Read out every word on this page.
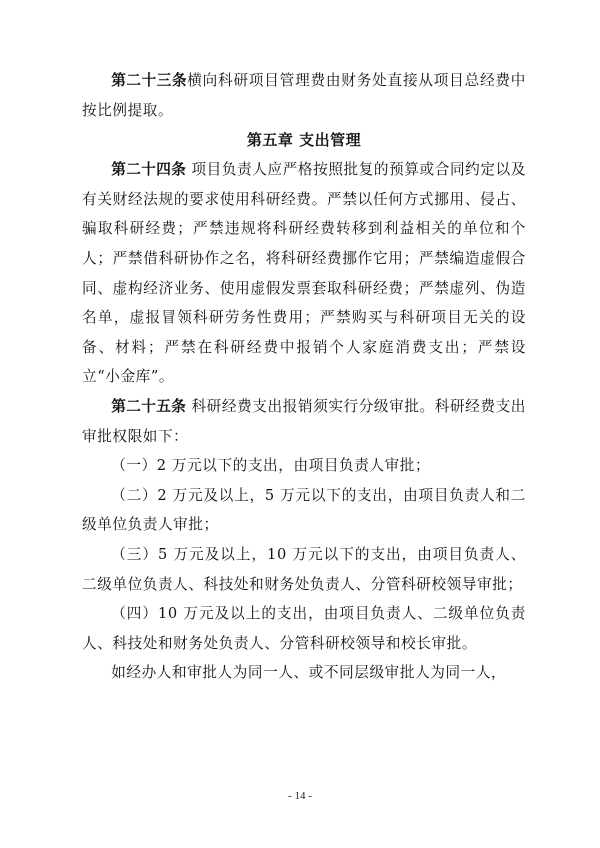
第二十三条横向科研项目管理费由财务处直接从项目总经费中按比例提取。

第五章 支出管理

第二十四条 项目负责人应严格按照批复的预算或合同约定以及有关财经法规的要求使用科研经费。严禁以任何方式挪用、侵占、骗取科研经费；严禁违规将科研经费转移到利益相关的单位和个人；严禁借科研协作之名，将科研经费挪作它用；严禁编造虚假合同、虚构经济业务、使用虚假发票套取科研经费；严禁虚列、伪造名单，虚报冒领科研劳务性费用；严禁购买与科研项目无关的设备、材料；严禁在科研经费中报销个人家庭消费支出；严禁设立“小金库”。

第二十五条 科研经费支出报销须实行分级审批。科研经费支出审批权限如下：

（一）2 万元以下的支出，由项目负责人审批；

（二）2 万元及以上，5 万元以下的支出，由项目负责人和二级单位负责人审批；

（三）5 万元及以上，10 万元以下的支出，由项目负责人、二级单位负责人、科技处和财务处负责人、分管科研校领导审批；

（四）10 万元及以上的支出，由项目负责人、二级单位负责人、科技处和财务处负责人、分管科研校领导和校长审批。

如经办人和审批人为同一人、或不同层级审批人为同一人，

- 14 -
